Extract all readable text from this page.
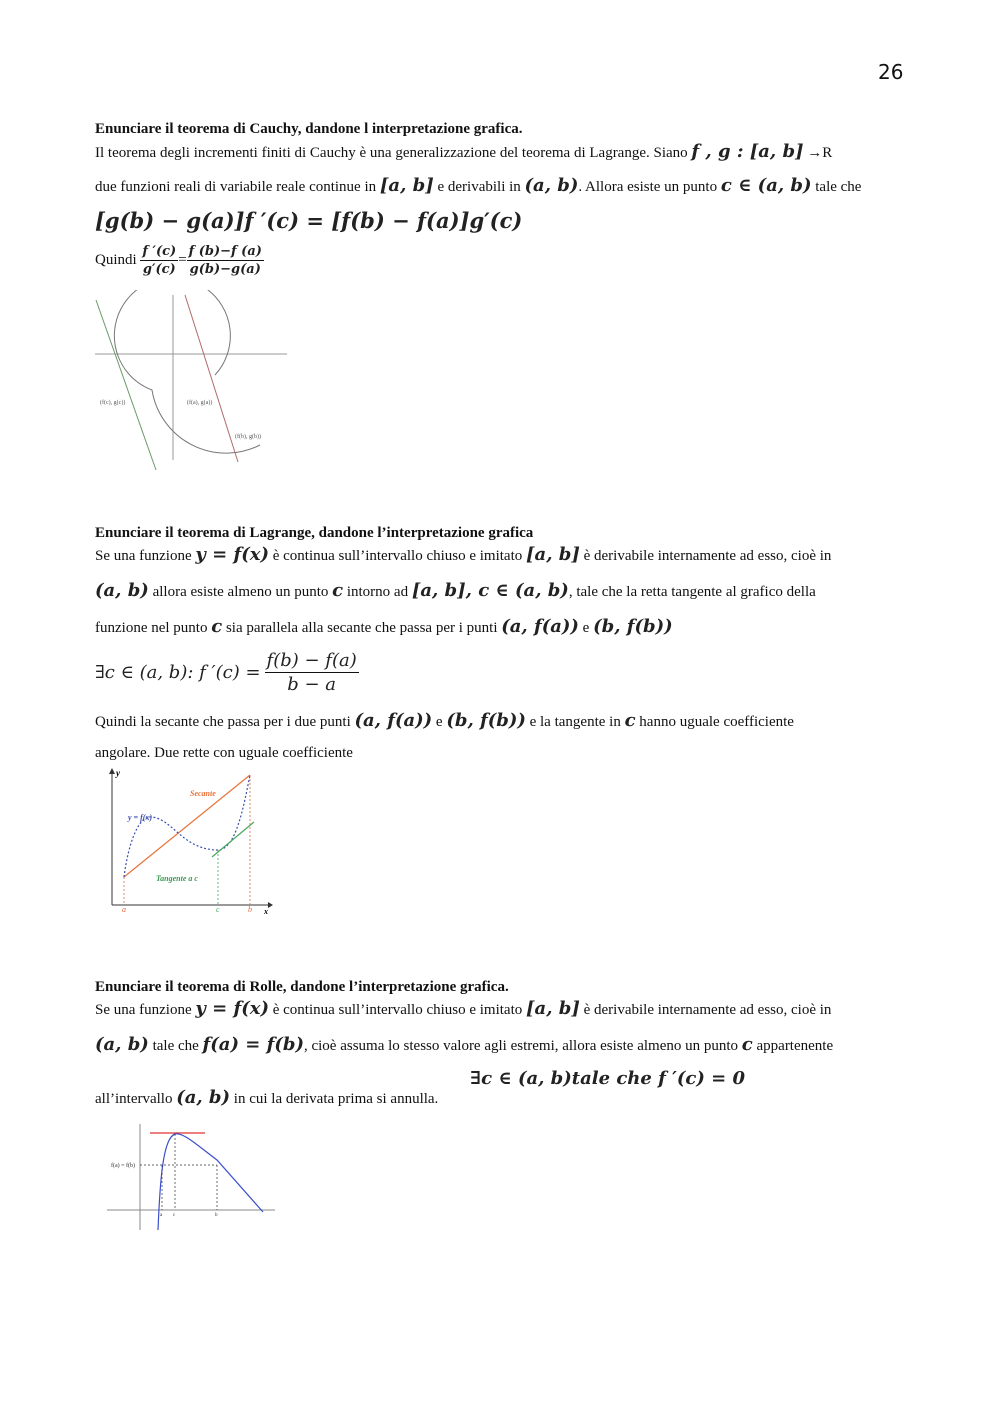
26
Enunciare il teorema di Cauchy, dandone l interpretazione grafica.
Il teorema degli incrementi finiti di Cauchy è una generalizzazione del teorema di Lagrange. Siano f , g : [a, b] →R
due funzioni reali di variabile reale continue in [a, b] e derivabili in (a, b). Allora esiste un punto c ∈ (a, b) tale che
[g(b) − g(a)]f ′(c) = [f(b) − f(a)]g′(c)
Quindi $\frac{f '(c)}{g'(c)} = \frac{f (b)-f (a)}{g(b)-g(a)}$
(f(c), g(c))	(f(a), g(a))
(f(b), g(b))
Enunciare il teorema di Lagrange, dandone l’interpretazione grafica
Se una funzione y = f(x) è continua sull’intervallo chiuso e imitato [a, b] è derivabile internamente ad esso, cioè in
(a, b) allora esiste almeno un punto c intorno ad [a, b], c ∈ (a, b), tale che la retta tangente al grafico della
funzione nel punto c sia parallela alla secante che passa per i punti (a, f(a)) e (b, f(b))
∃c ∈ (a, b): f $'(c) = \frac{f(b) - f(a)}{b - a}$
Quindi la secante che passa per i due punti (a, f(a)) e (b, f(b)) e la tangente in c hanno uguale coefficiente
angolare. Due rette con uguale coefficiente
y
x
Secante
y = f(x)
Tangente a c
a	c	b
Enunciare il teorema di Rolle, dandone l’interpretazione grafica.
Se una funzione y = f(x) è continua sull’intervallo chiuso e imitato [a, b] è derivabile internamente ad esso, cioè in
(a, b) tale che f(a) = f(b), cioè assuma lo stesso valore agli estremi, allora esiste almeno un punto c appartenente
∃c ∈ (a, b)tale che f ′(c) = 0
all’intervallo (a, b) in cui la derivata prima si annulla.
f(a) = f(b)
a c	b
